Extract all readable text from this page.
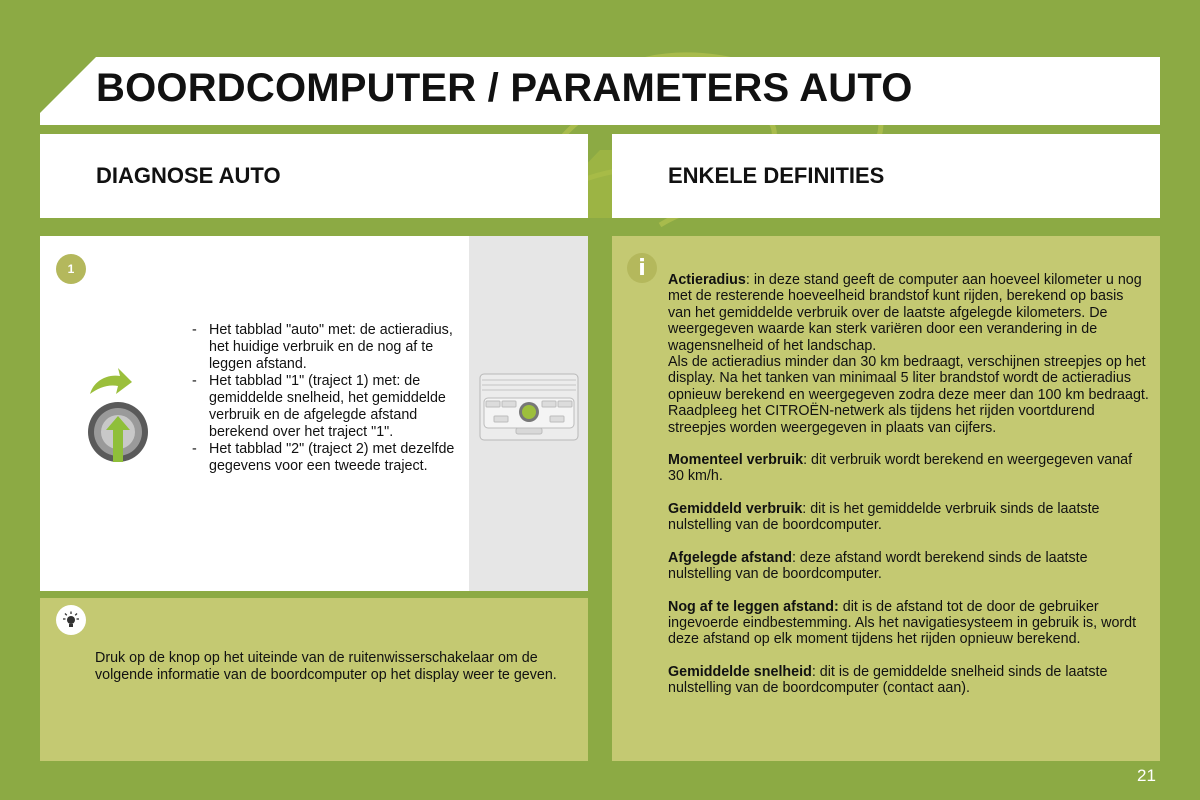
BOORDCOMPUTER / PARAMETERS AUTO
DIAGNOSE AUTO	ENKELE DEFINITIES
1
- Het tabblad "auto" met: de actieradius, het huidige verbruik en de nog af te leggen afstand.
- Het tabblad "1" (traject 1) met: de gemiddelde snelheid, het gemiddelde verbruik en de afgelegde afstand berekend over het traject "1".
- Het tabblad "2" (traject 2) met dezelfde gegevens voor een tweede traject.
Druk op de knop op het uiteinde van de ruitenwisserschakelaar om de volgende informatie van de boordcomputer op het display weer te geven.
i	Actieradius: in deze stand geeft de computer aan hoeveel kilometer u nog met de resterende hoeveelheid brandstof kunt rijden, berekend op basis van het gemiddelde verbruik over de laatste afgelegde kilometers. De weergegeven waarde kan sterk variëren door een verandering in de wagensnelheid of het landschap.
Als de actieradius minder dan 30 km bedraagt, verschijnen streepjes op het display. Na het tanken van minimaal 5 liter brandstof wordt de actieradius opnieuw berekend en weergegeven zodra deze meer dan 100 km bedraagt.
Raadpleeg het CITROËN-netwerk als tijdens het rijden voortdurend streepjes worden weergegeven in plaats van cijfers.

Momenteel verbruik: dit verbruik wordt berekend en weergegeven vanaf 30 km/h.

Gemiddeld verbruik: dit is het gemiddelde verbruik sinds de laatste nulstelling van de boordcomputer.

Afgelegde afstand: deze afstand wordt berekend sinds de laatste nulstelling van de boordcomputer.

Nog af te leggen afstand: dit is de afstand tot de door de gebruiker ingevoerde eindbestemming. Als het navigatiesysteem in gebruik is, wordt deze afstand op elk moment tijdens het rijden opnieuw berekend.

Gemiddelde snelheid: dit is de gemiddelde snelheid sinds de laatste nulstelling van de boordcomputer (contact aan).

21
